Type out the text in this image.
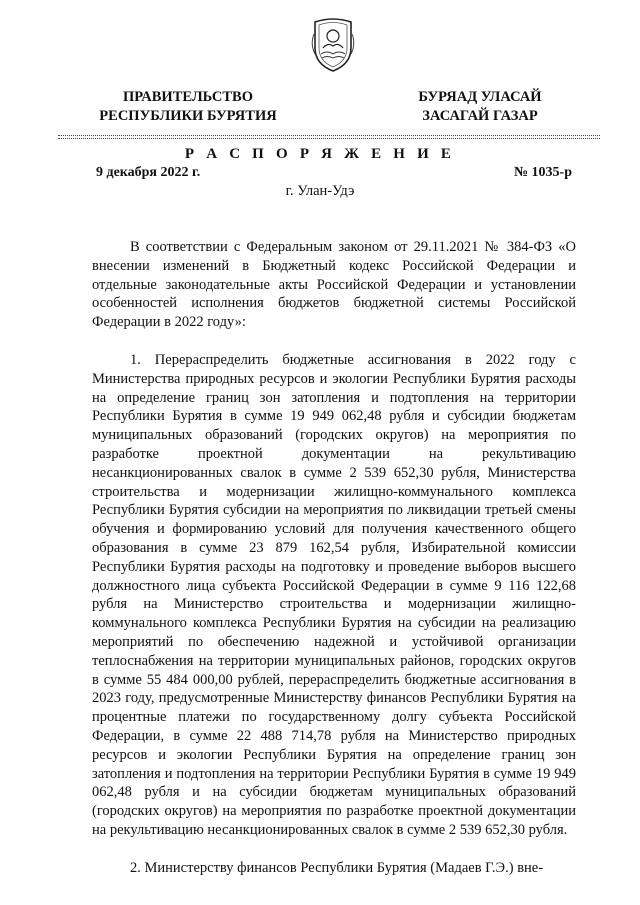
ПРАВИТЕЛЬСТВО
РЕСПУБЛИКИ БУРЯТИЯ
БУРЯАД УЛАСАЙ
ЗАСАГАЙ ГАЗАР
Р А С П О Р Я Ж Е Н И Е
9 декабря 2022 г.	№ 1035-р
г. Улан-Удэ

В соответствии с Федеральным законом от 29.11.2021 № 384-ФЗ «О внесении изменений в Бюджетный кодекс Российской Федерации и отдельные законодательные акты Российской Федерации и установлении особенностей исполнения бюджетов бюджетной системы Российской Федерации в 2022 году»:

1. Перераспределить бюджетные ассигнования в 2022 году с Министерства природных ресурсов и экологии Республики Бурятия расходы на определение границ зон затопления и подтопления на территории Республики Бурятия в сумме 19 949 062,48 рубля и субсидии бюджетам муниципальных образований (городских округов) на мероприятия по разработке проектной документации на рекультивацию несанкционированных свалок в сумме 2 539 652,30 рубля, Министерства строительства и модернизации жилищно-коммунального комплекса Республики Бурятия субсидии на мероприятия по ликвидации третьей смены обучения и формированию условий для получения качественного общего образования в сумме 23 879 162,54 рубля, Избирательной комиссии Республики Бурятия расходы на подготовку и проведение выборов высшего должностного лица субъекта Российской Федерации в сумме 9 116 122,68 рубля на Министерство строительства и модернизации жилищно-коммунального комплекса Республики Бурятия на субсидии на реализацию мероприятий по обеспечению надежной и устойчивой организации теплоснабжения на территории муниципальных районов, городских округов в сумме 55 484 000,00 рублей, перераспределить бюджетные ассигнования в 2023 году, предусмотренные Министерству финансов Республики Бурятия на процентные платежи по государственному долгу субъекта Российской Федерации, в сумме 22 488 714,78 рубля на Министерство природных ресурсов и экологии Республики Бурятия на определение границ зон затопления и подтопления на территории Республики Бурятия в сумме 19 949 062,48 рубля и на субсидии бюджетам муниципальных образований (городских округов) на мероприятия по разработке проектной документации на рекультивацию несанкционированных свалок в сумме 2 539 652,30 рубля.

2. Министерству финансов Республики Бурятия (Мадаев Г.Э.) вне-
